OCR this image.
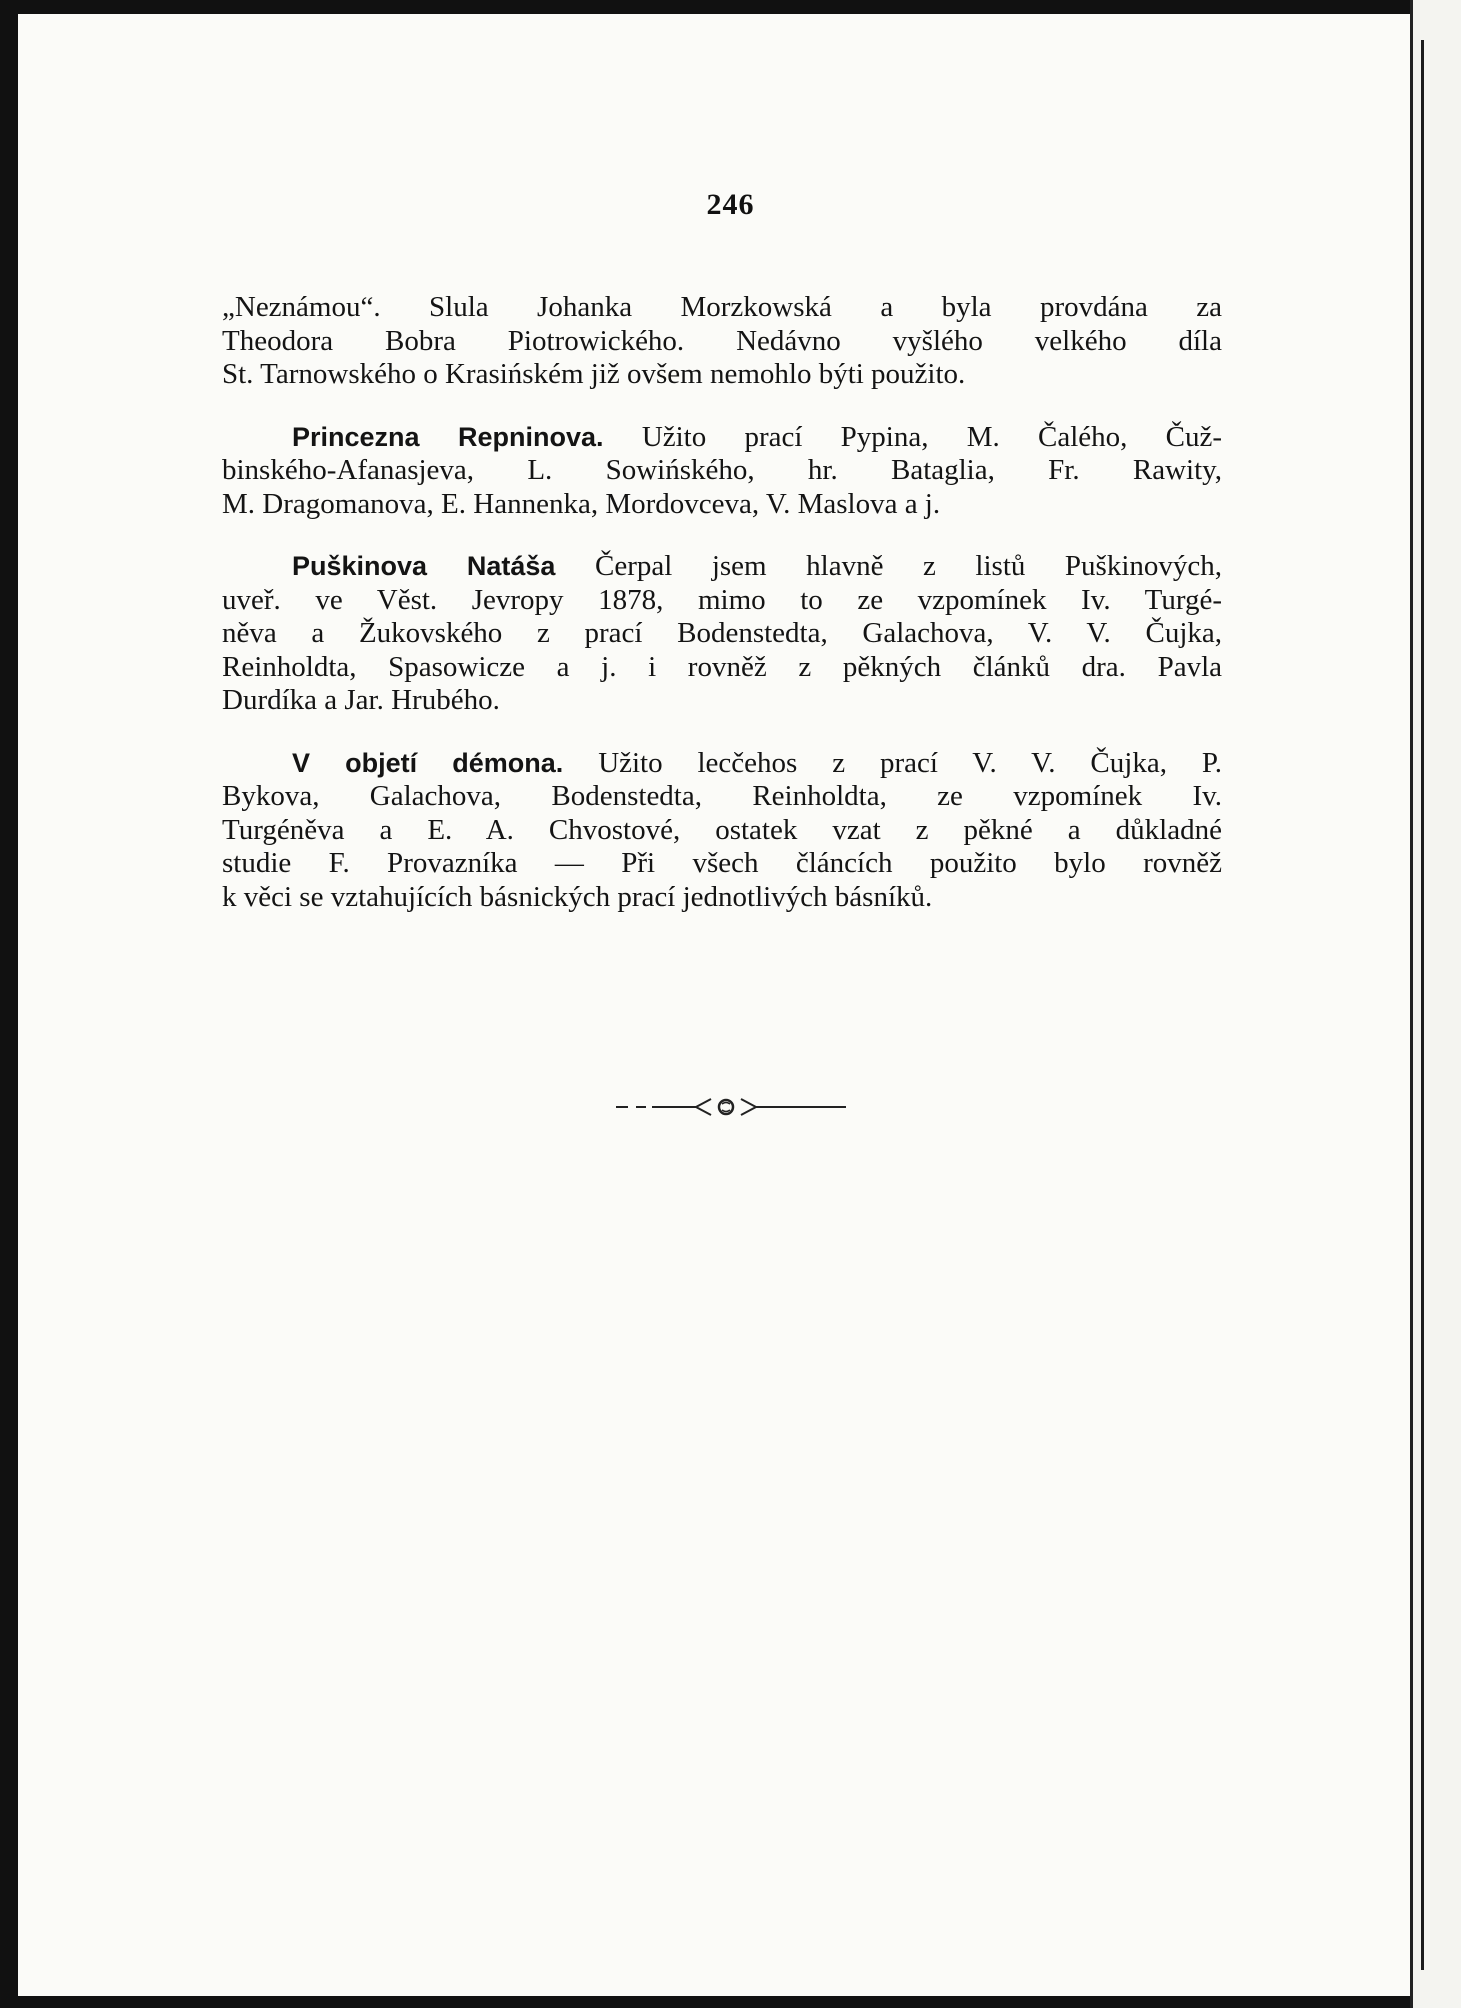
246
„Neznámou“. Slula Johanka Morzkowská a byla provdána za
Theodora Bobra Piotrowického. Nedávno vyšlého velkého díla
St. Tarnowského o Krasińském již ovšem nemohlo býti použito.
Princezna Repninova. Užito prací Pypina, M. Čalého, Čuž-
binského-Afanasjeva, L. Sowińského, hr. Bataglia, Fr. Rawity,
M. Dragomanova, E. Hannenka, Mordovceva, V. Maslova a j.
Puškinova Natáša Čerpal jsem hlavně z listů Puškinových,
uveř. ve Věst. Jevropy 1878, mimo to ze vzpomínek Iv. Turgé-
něva a Žukovského z prací Bodenstedta, Galachova, V. V. Čujka,
Reinholdta, Spasowicze a j. i rovněž z pěkných článků dra. Pavla
Durdíka a Jar. Hrubého.
V objetí démona. Užito lecčehos z prací V. V. Čujka, P.
Bykova, Galachova, Bodenstedta, Reinholdta, ze vzpomínek Iv.
Turgéněva a E. A. Chvostové, ostatek vzat z pěkné a důkladné
studie F. Provazníka — Při všech článcích použito bylo rovněž
k věci se vztahujících básnických prací jednotlivých básníků.
